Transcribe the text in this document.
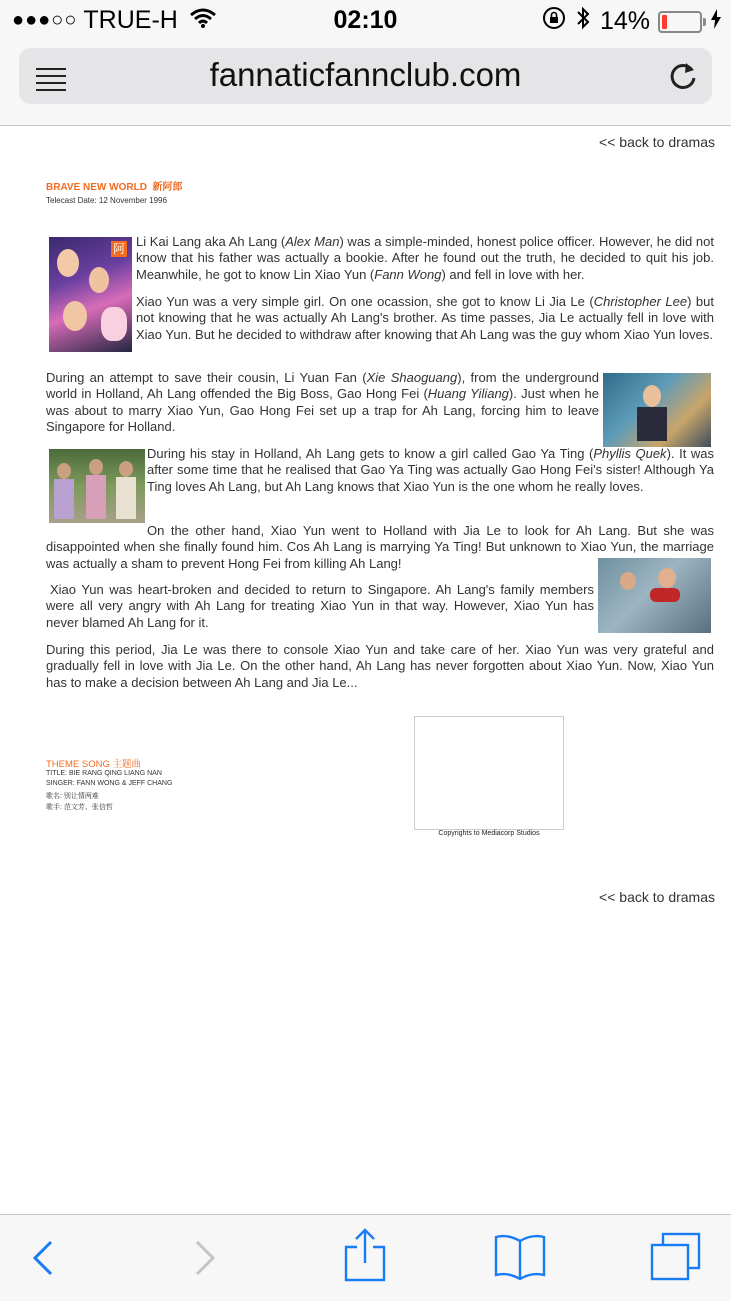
●●●○○ TRUE-H	02:10	14%
fannaticfannclub.com
<< back to dramas
BRAVE NEW WORLD 新阿郎
Telecast Date: 12 November 1996
阿 Li Kai Lang aka Ah Lang (Alex Man) was a simple-minded, honest police officer. However, he did not know that his father was actually a bookie. After he found out the truth, he decided to quit his job. Meanwhile, he got to know Lin Xiao Yun (Fann Wong) and fell in love with her.

Xiao Yun was a very simple girl. On one ocassion, she got to know Li Jia Le (Christopher Lee) but not knowing that he was actually Ah Lang's brother. As time passes, Jia Le actually fell in love with Xiao Yun. But he decided to withdraw after knowing that Ah Lang was the guy whom Xiao Yun loves.

During an attempt to save their cousin, Li Yuan Fan (Xie Shaoguang), from the underground world in Holland, Ah Lang offended the Big Boss, Gao Hong Fei (Huang Yiliang). Just when he was about to marry Xiao Yun, Gao Hong Fei set up a trap for Ah Lang, forcing him to leave Singapore for Holland.

During his stay in Holland, Ah Lang gets to know a girl called Gao Ya Ting (Phyllis Quek). It was after some time that he realised that Gao Ya Ting was actually Gao Hong Fei's sister! Although Ya Ting loves Ah Lang, but Ah Lang knows that Xiao Yun is the one whom he really loves.

On the other hand, Xiao Yun went to Holland with Jia Le to look for Ah Lang. But she was disappointed when she finally found him. Cos Ah Lang is marrying Ya Ting! But unknown to Xiao Yun, the marriage was actually a sham to prevent Hong Fei from killing Ah Lang!

Xiao Yun was heart-broken and decided to return to Singapore. Ah Lang's family members were all very angry with Ah Lang for treating Xiao Yun in that way. However, Xiao Yun has never blamed Ah Lang for it.

During this period, Jia Le was there to console Xiao Yun and take care of her. Xiao Yun was very grateful and gradually fell in love with Jia Le. On the other hand, Ah Lang has never forgotten about Xiao Yun. Now, Xiao Yun has to make a decision between Ah Lang and Jia Le...

THEME SONG 主题曲
TITLE: BIE RANG QING LIANG NAN
SINGER: FANN WONG & JEFF CHANG
歌名: 别让情两难
歌手: 范文芳、张信哲
Copyrights to Mediacorp Studios
<< back to dramas
